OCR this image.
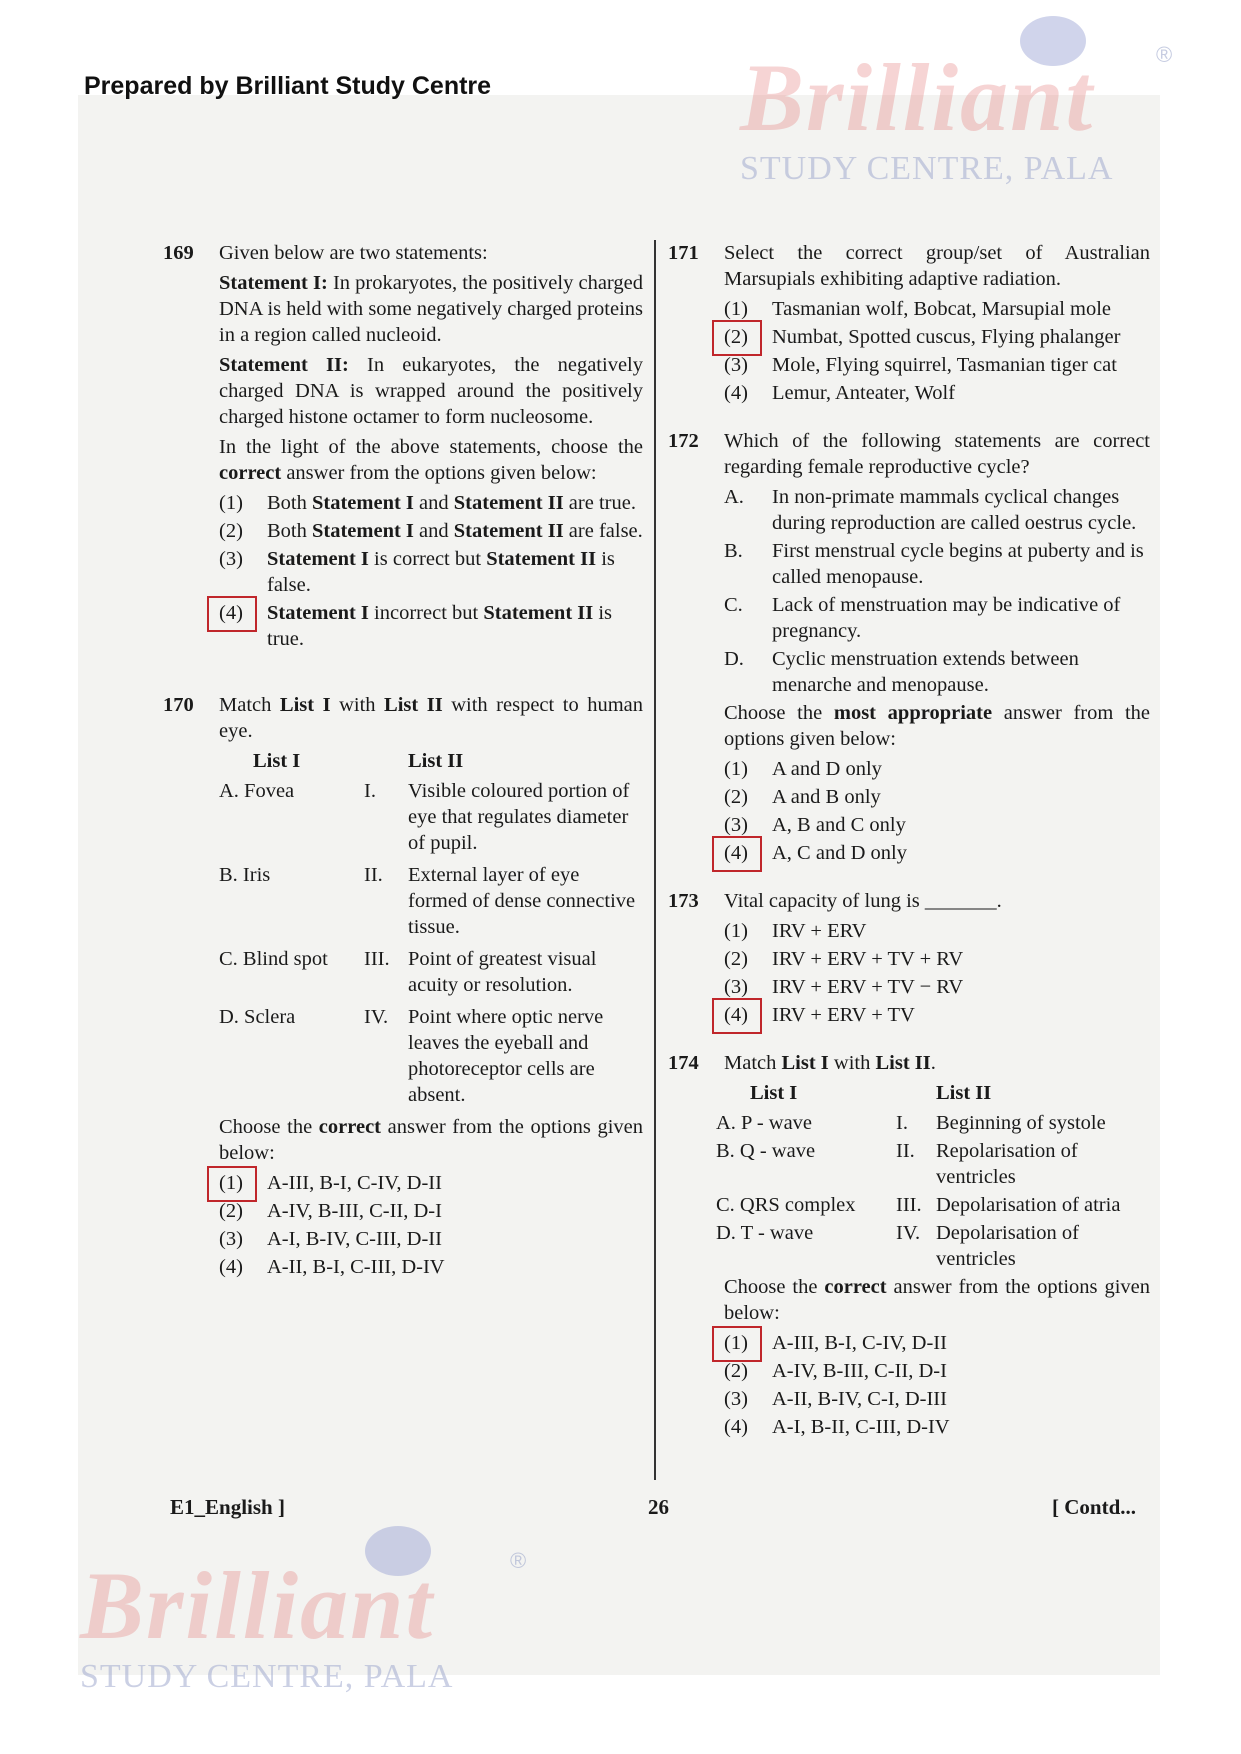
Prepared by Brilliant Study Centre
®
Brilliant
STUDY CENTRE, PALA
®
Brilliant
STUDY CENTRE, PALA
169 Given below are two statements:

Statement I: In prokaryotes, the positively charged DNA is held with some negatively charged proteins in a region called nucleoid.

Statement II: In eukaryotes, the negatively charged DNA is wrapped around the positively charged histone octamer to form nucleosome.

In the light of the above statements, choose the correct answer from the options given below:

(1)	Both Statement I and Statement II are true.
(2)	Both Statement I and Statement II are false.
(3)	Statement I is correct but Statement II is false.
(4)	Statement I incorrect but Statement II is true.
170 Match List I with List II with respect to human eye.

List I		List II
A. Fovea	I.	Visible coloured portion of eye that regulates diameter of pupil.
B. Iris	II.	External layer of eye formed of dense connective tissue.
C. Blind spot	III.	Point of greatest visual acuity or resolution.
D. Sclera	IV.	Point where optic nerve leaves the eyeball and photoreceptor cells are absent.

Choose the correct answer from the options given below:

(1)	A-III, B-I, C-IV, D-II
(2)	A-IV, B-III, C-II, D-I
(3)	A-I, B-IV, C-III, D-II
(4)	A-II, B-I, C-III, D-IV
171 Select the correct group/set of Australian Marsupials exhibiting adaptive radiation.

(1)	Tasmanian wolf, Bobcat, Marsupial mole
(2)	Numbat, Spotted cuscus, Flying phalanger
(3)	Mole, Flying squirrel, Tasmanian tiger cat
(4)	Lemur, Anteater, Wolf
172 Which of the following statements are correct regarding female reproductive cycle?

A.	In non-primate mammals cyclical changes during reproduction are called oestrus cycle.
B.	First menstrual cycle begins at puberty and is called menopause.
C.	Lack of menstruation may be indicative of pregnancy.
D.	Cyclic menstruation extends between menarche and menopause.

Choose the most appropriate answer from the options given below:

(1)	A and D only
(2)	A and B only
(3)	A, B and C only
(4)	A, C and D only
173 Vital capacity of lung is _______.

(1)	IRV + ERV
(2)	IRV + ERV + TV + RV
(3)	IRV + ERV + TV − RV
(4)	IRV + ERV + TV
174 Match List I with List II.

List I		List II
A. P - wave	I.	Beginning of systole
B. Q - wave	II.	Repolarisation of ventricles
C. QRS complex	III.	Depolarisation of atria
D. T - wave	IV.	Depolarisation of ventricles

Choose the correct answer from the options given below:

(1)	A-III, B-I, C-IV, D-II
(2)	A-IV, B-III, C-II, D-I
(3)	A-II, B-IV, C-I, D-III
(4)	A-I, B-II, C-III, D-IV
E1_English ]	26	[ Contd...
